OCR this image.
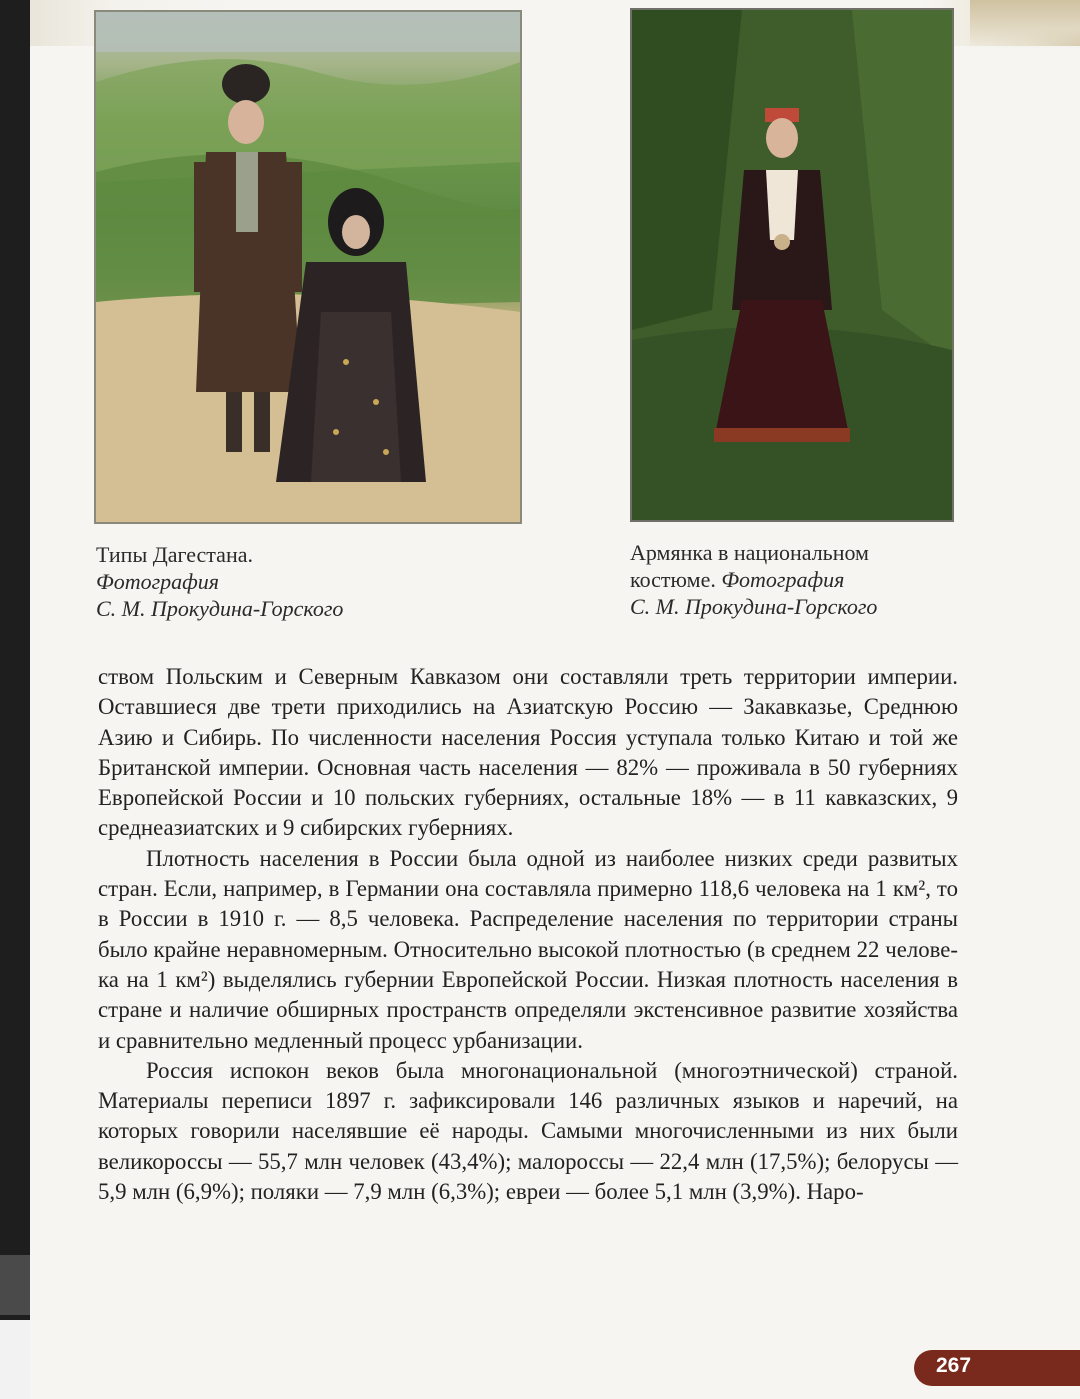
Типы Дагестана.

Фотография
С. М. Прокудина-Горского
Армянка в национальном
костюме. Фотография
С. М. Прокудина-Горского

ством Польским и Северным Кавказом они составляли треть территории империи. Оставшиеся две трети приходились на Азиатскую Россию — Закавказье, Среднюю Азию и Сибирь. По численности населения Россия уступала только Китаю и той же Британской империи. Основная часть населения — 82% — проживала в 50 губерниях Европейской России и 10 польских губерниях, остальные 18% — в 11 кавказских, 9 среднеазиатских и 9 сибирских губерниях.

Плотность населения в России была одной из наиболее низких среди развитых стран. Если, например, в Германии она составляла примерно 118,6 человека на 1 км², то в России в 1910 г. — 8,5 человека. Распределение населения по территории страны было крайне неравномерным. Относительно высокой плотностью (в среднем 22 человека на 1 км²) выделялись губернии Европейской России. Низкая плотность населения в стране и наличие обширных пространств определяли экстенсивное развитие хозяйства и сравнительно медленный процесс урбанизации.

Россия испокон веков была многонациональной (многоэтнической) страной. Материалы переписи 1897 г. зафиксировали 146 различных языков и наречий, на которых говорили населявшие её народы. Самыми многочисленными из них были великороссы — 55,7 млн человек (43,4%); малороссы — 22,4 млн (17,5%); белорусы — 5,9 млн (6,9%); поляки — 7,9 млн (6,3%); евреи — более 5,1 млн (3,9%). Наро-

267
